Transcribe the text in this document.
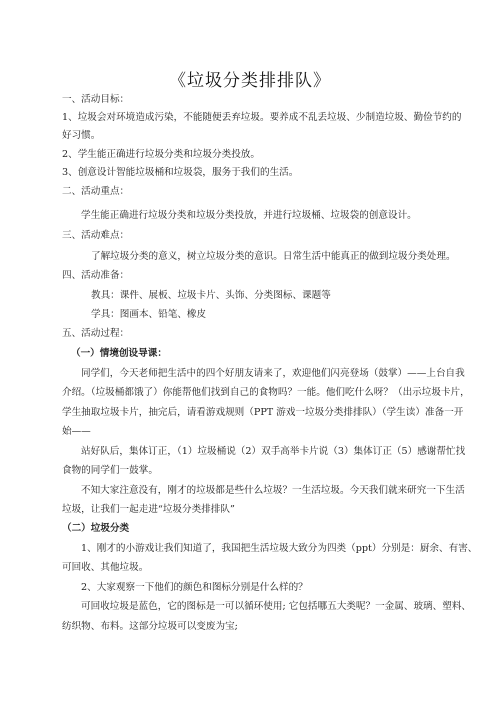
《垃圾分类排排队》
一、活动目标：
1、垃圾会对环境造成污染，不能随便丢弃垃圾。要养成不乱丢垃圾、少制造垃圾、勤俭节约的
好习惯。
2、学生能正确进行垃圾分类和垃圾分类投放。
3、创意设计智能垃圾桶和垃圾袋，服务于我们的生活。
二、活动重点：
学生能正确进行垃圾分类和垃圾分类投放，并进行垃圾桶、垃圾袋的创意设计。
三、活动难点：
了解垃圾分类的意义，树立垃圾分类的意识。日常生活中能真正的做到垃圾分类处理。
四、活动准备：
教具：课件、展板、垃圾卡片、头饰、分类图标、课题等
学具：图画本、铅笔、橡皮
五、活动过程：
（一）情境创设导课：
同学们，今天老师把生活中的四个好朋友请来了，欢迎他们闪亮登场（鼓掌）——上台自我
介绍。（垃圾桶都饿了）你能帮他们找到自己的食物吗？一能。他们吃什么呀？（出示垃圾卡片，
学生抽取垃圾卡片，抽完后，请看游戏规则（PPT 游戏一垃圾分类排排队）（学生读）准备一开
始——
站好队后，集体订正，（1）垃圾桶说（2）双手高举卡片说（3）集体订正（5）感谢帮忙找
食物的同学们一鼓掌。
不知大家注意没有，刚才的垃圾都是些什么垃圾？一生活垃圾。今天我们就来研究一下生活
垃圾，让我们一起走进“垃圾分类排排队”
（二）垃圾分类
1、刚才的小游戏让我们知道了，我国把生活垃圾大致分为四类（ppt）分别是：厨余、有害、
可回收、其他垃圾。
2、大家观察一下他们的颜色和图标分别是什么样的？
可回收垃圾是蓝色，它的图标是一可以循环使用; 它包括哪五大类呢？一金属、玻璃、塑料、
纺织物、布料。这部分垃圾可以变废为宝;
